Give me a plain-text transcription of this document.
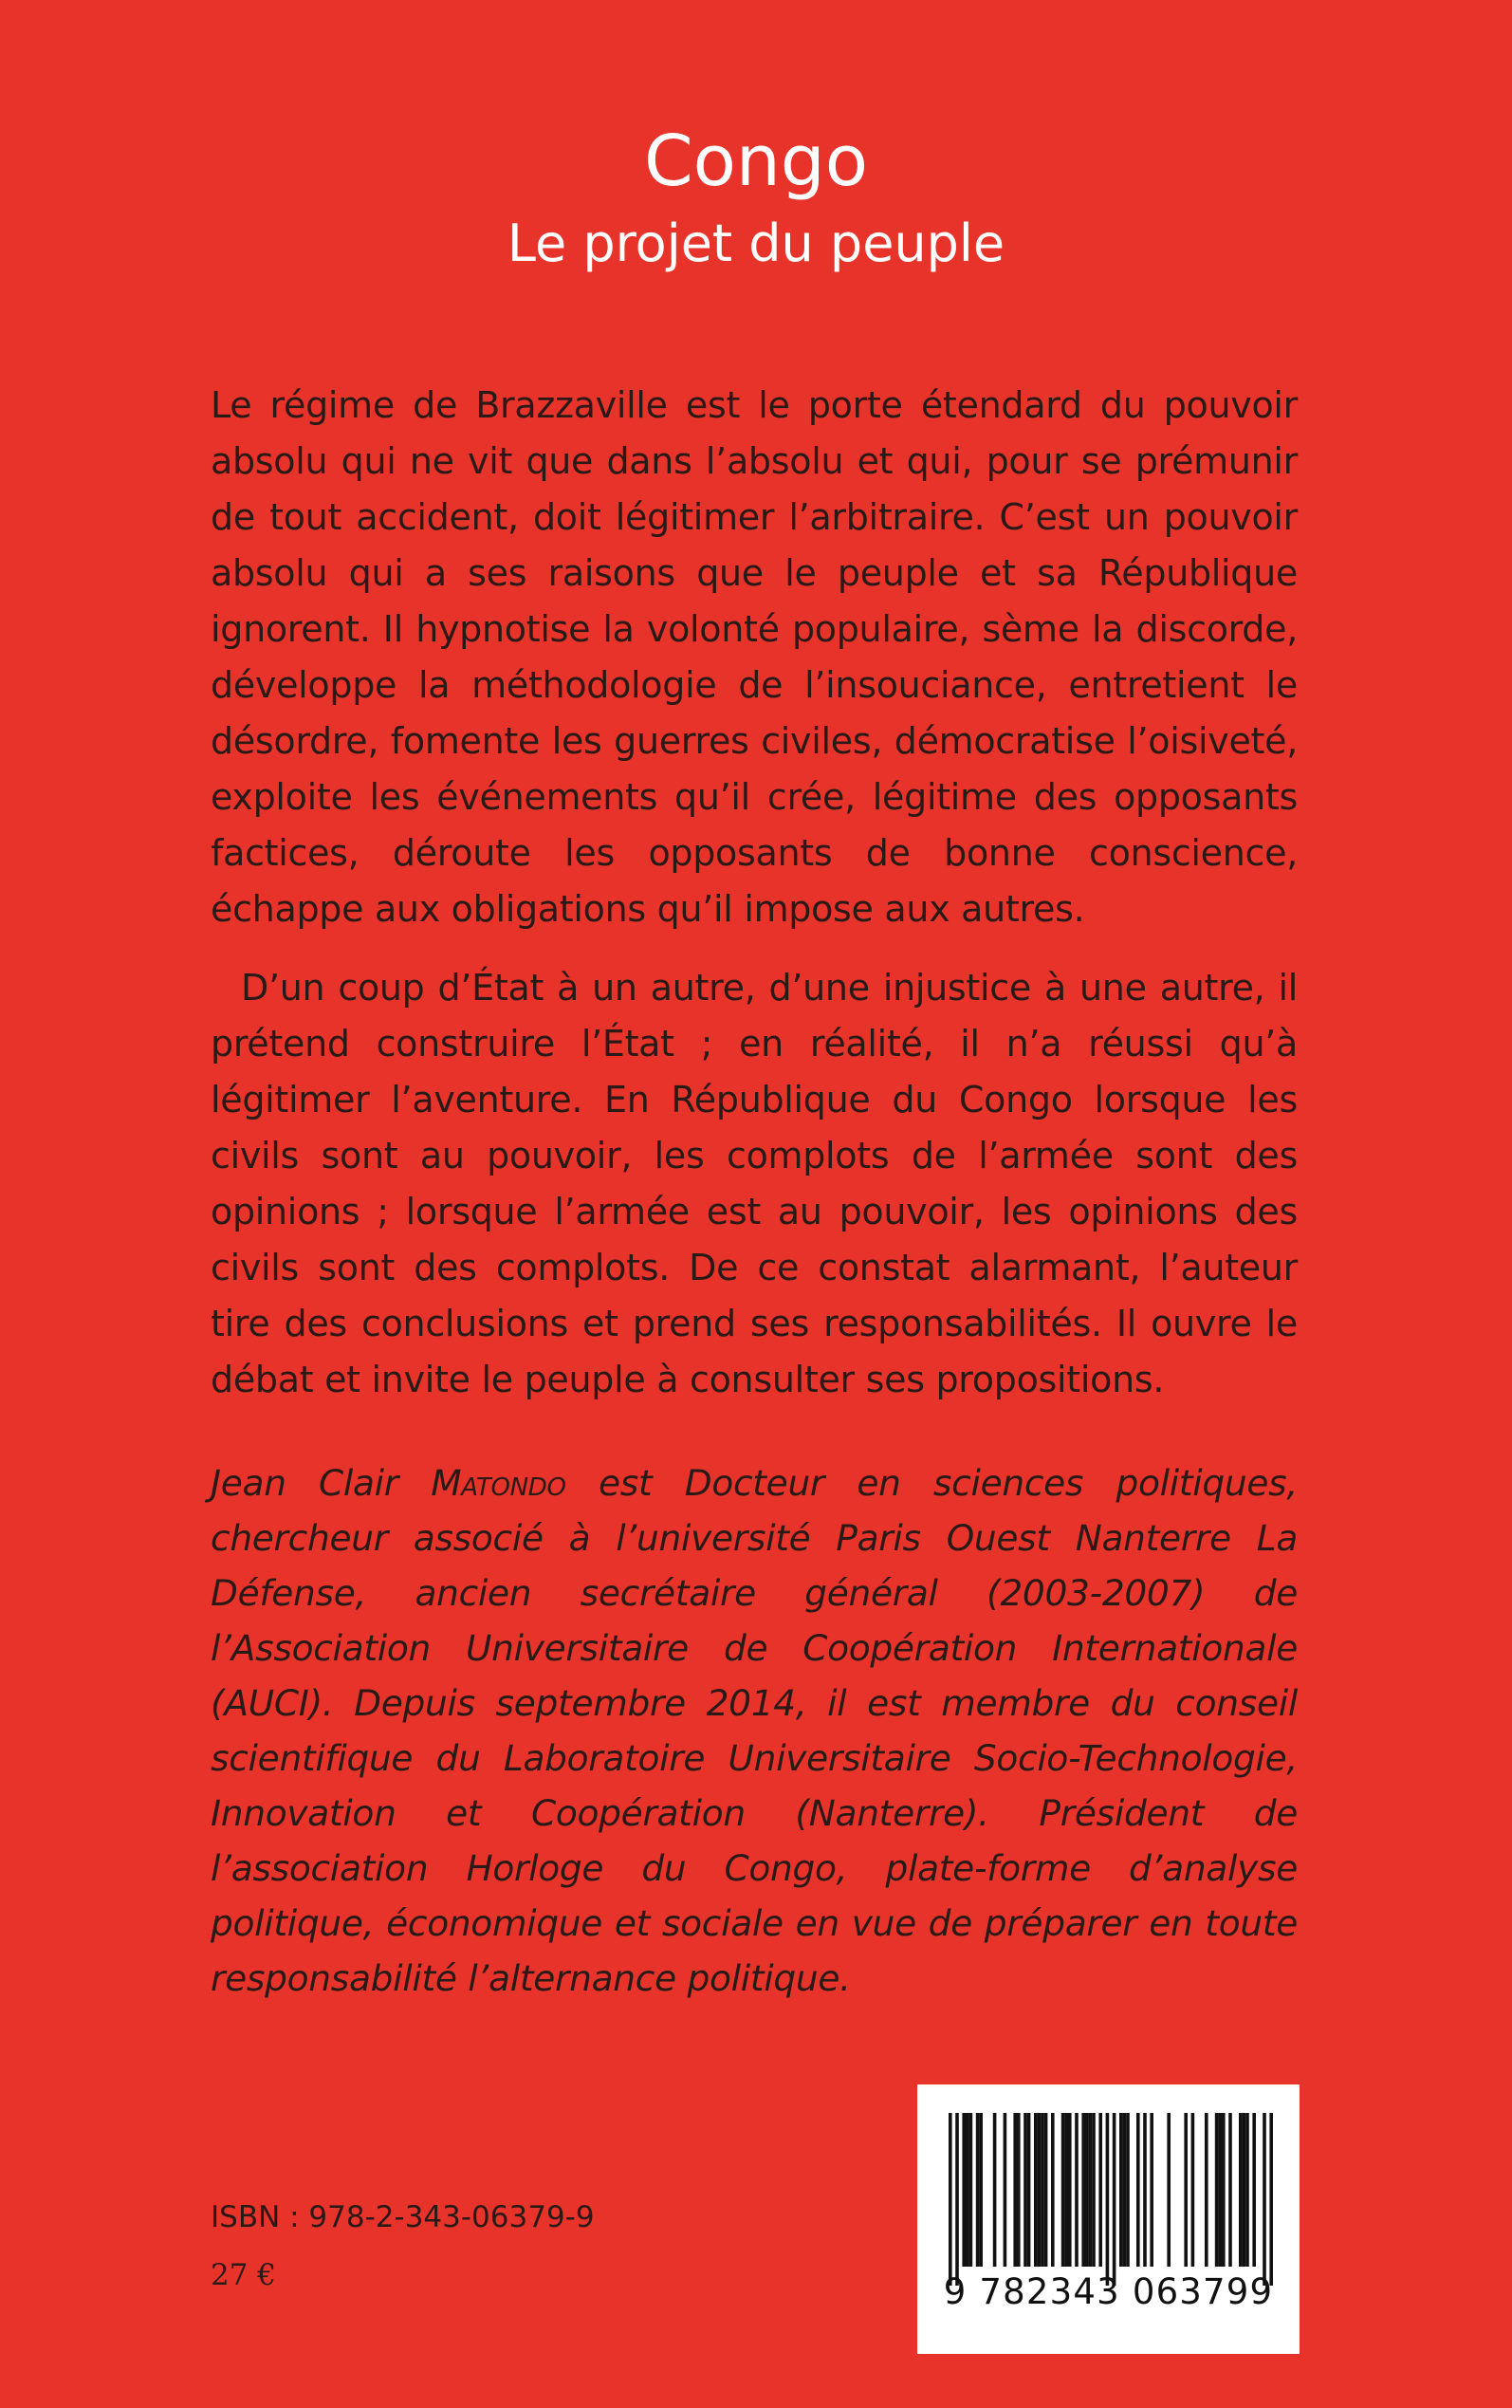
Congo
Le projet du peuple

Le régime de Brazzaville est le porte étendard du pouvoir absolu qui ne vit que dans l’absolu et qui, pour se prémunir de tout accident, doit légitimer l’arbitraire. C’est un pouvoir absolu qui a ses raisons que le peuple et sa République ignorent. Il hypnotise la volonté populaire, sème la discorde, développe la méthodologie de l’insouciance, entretient le désordre, fomente les guerres civiles, démocratise l’oisiveté, exploite les événements qu’il crée, légitime des opposants factices, déroute les opposants de bonne conscience, échappe aux obligations qu’il impose aux autres.

D’un coup d’État à un autre, d’une injustice à une autre, il prétend construire l’État ; en réalité, il n’a réussi qu’à légitimer l’aventure. En République du Congo lorsque les civils sont au pouvoir, les complots de l’armée sont des opinions ; lorsque l’armée est au pouvoir, les opinions des civils sont des complots. De ce constat alarmant, l’auteur tire des conclusions et prend ses responsabilités. Il ouvre le débat et invite le peuple à consulter ses propositions.

Jean Clair Matondo est Docteur en sciences politiques, chercheur associé à l’université Paris Ouest Nanterre La Défense, ancien secrétaire général (2003-2007) de l’Association Universitaire de Coopération Internationale (AUCI). Depuis septembre 2014, il est membre du conseil scientifique du Laboratoire Universitaire Socio-Technologie, Innovation et Coopération (Nanterre). Président de l’association Horloge du Congo, plate-forme d’analyse politique, économique et sociale en vue de préparer en toute responsabilité l’alternance politique.

ISBN : 978-2-343-06379-9

27 €	9 782343 063799
